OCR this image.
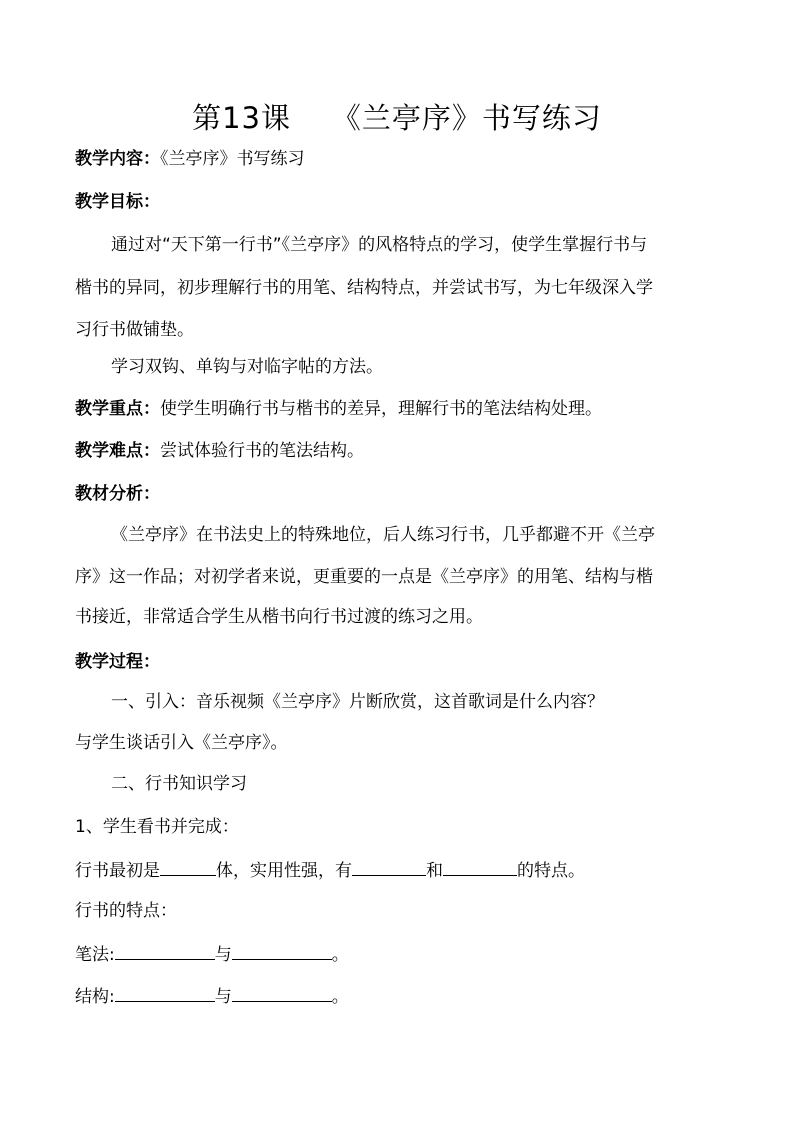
第13课    《兰亭序》书写练习
教学内容：《兰亭序》书写练习
教学目标：
通过对“天下第一行书”《兰亭序》的风格特点的学习，使学生掌握行书与
楷书的异同，初步理解行书的用笔、结构特点，并尝试书写，为七年级深入学
习行书做铺垫。
学习双钩、单钩与对临字帖的方法。
教学重点：使学生明确行书与楷书的差异，理解行书的笔法结构处理。
教学难点：尝试体验行书的笔法结构。
教材分析：
《兰亭序》在书法史上的特殊地位，后人练习行书，几乎都避不开《兰亭
序》这一作品；对初学者来说，更重要的一点是《兰亭序》的用笔、结构与楷
书接近，非常适合学生从楷书向行书过渡的练习之用。
教学过程：
一、引入：音乐视频《兰亭序》片断欣赏，这首歌词是什么内容？
与学生谈话引入《兰亭序》。
二、行书知识学习
1、学生看书并完成：
行书最初是	体，实用性强，有	和	的特点。
行书的特点：
笔法:	与	。
结构:	与	。
